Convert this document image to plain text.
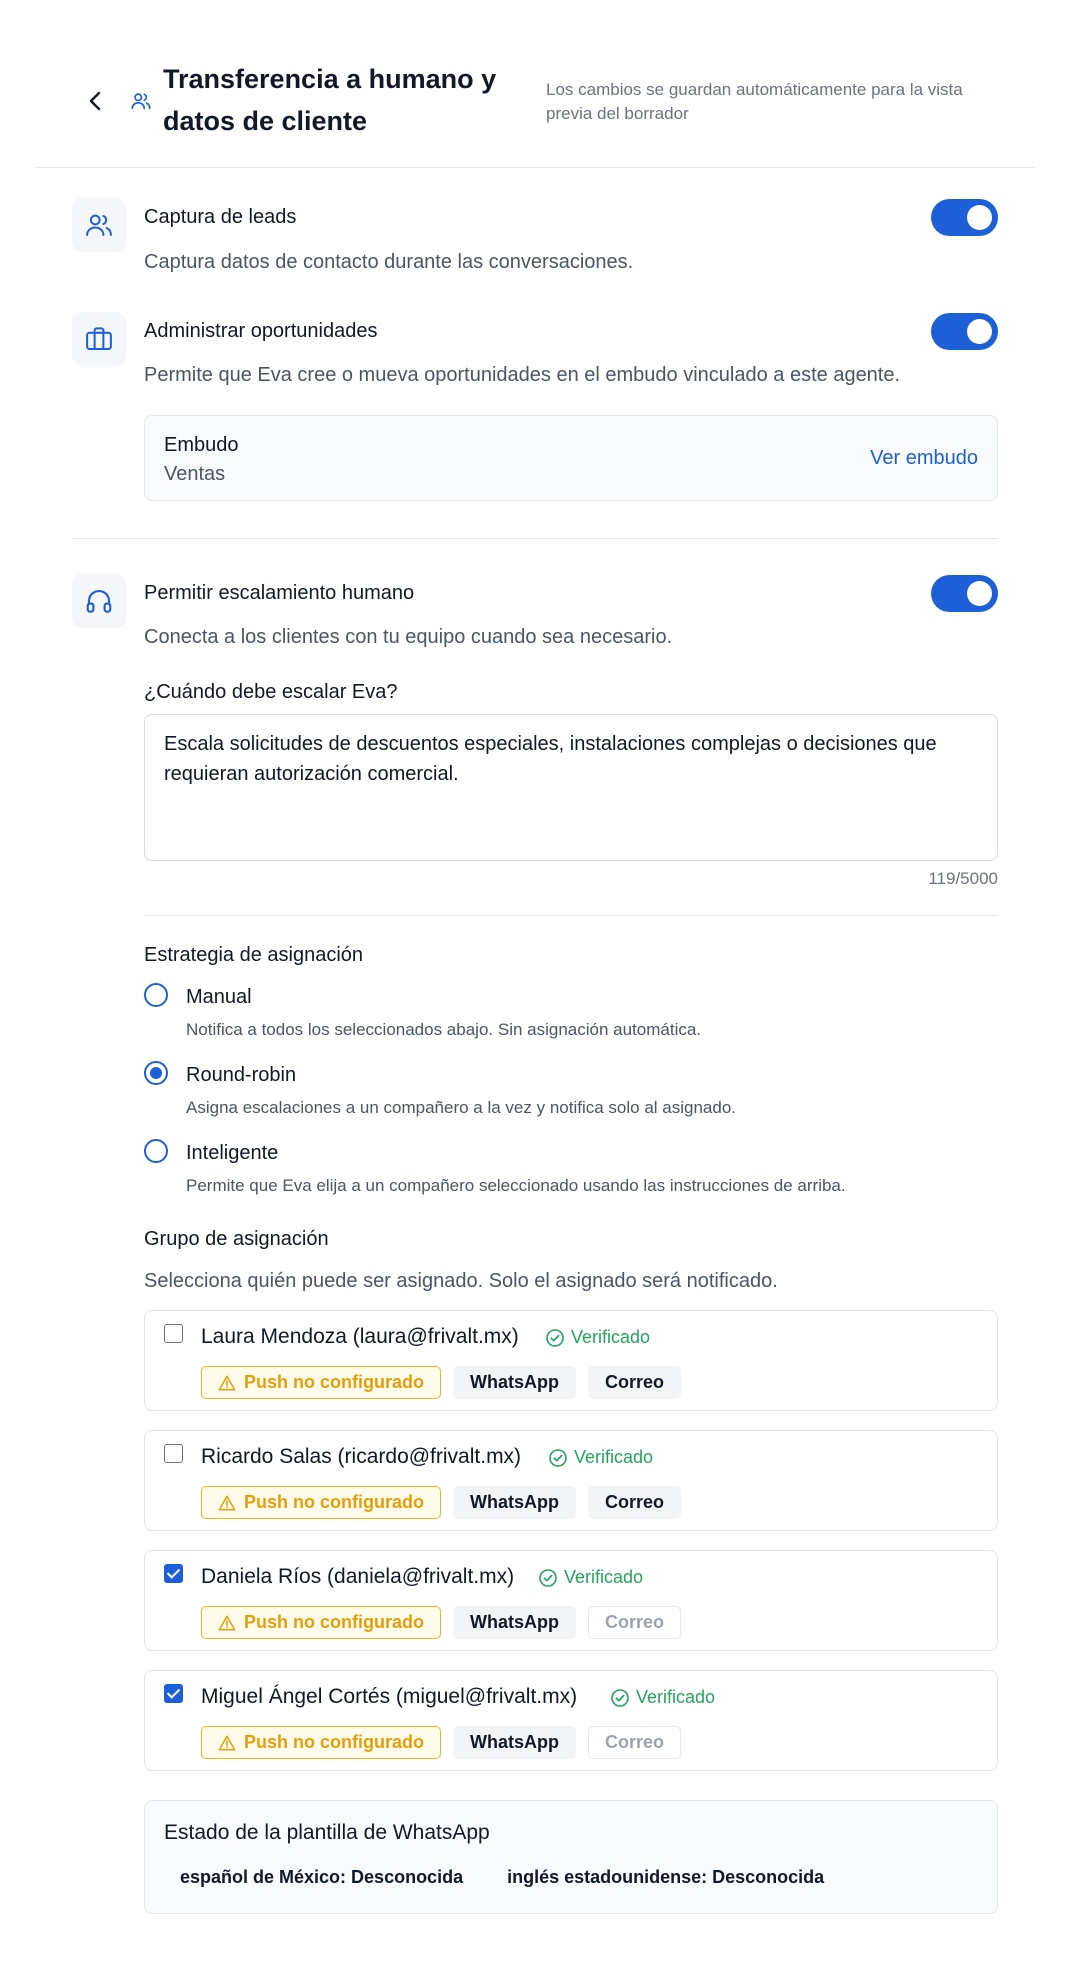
Transferencia a humano y datos de cliente
Los cambios se guardan automáticamente para la vista previa del borrador
Captura de leads
Captura datos de contacto durante las conversaciones.
Administrar oportunidades
Permite que Eva cree o mueva oportunidades en el embudo vinculado a este agente.
Embudo
Ventas
Ver embudo
Permitir escalamiento humano
Conecta a los clientes con tu equipo cuando sea necesario.
¿Cuándo debe escalar Eva?
Escala solicitudes de descuentos especiales, instalaciones complejas o decisiones que requieran autorización comercial.
119/5000
Estrategia de asignación
Manual
Notifica a todos los seleccionados abajo. Sin asignación automática.
Round-robin
Asigna escalaciones a un compañero a la vez y notifica solo al asignado.
Inteligente
Permite que Eva elija a un compañero seleccionado usando las instrucciones de arriba.
Grupo de asignación
Selecciona quién puede ser asignado. Solo el asignado será notificado.
Laura Mendoza (laura@frivalt.mx)	Verificado
Push no configurado	WhatsApp	Correo
Ricardo Salas (ricardo@frivalt.mx)	Verificado
Push no configurado	WhatsApp	Correo
Daniela Ríos (daniela@frivalt.mx)	Verificado
Push no configurado	WhatsApp	Correo
Miguel Ángel Cortés (miguel@frivalt.mx)	Verificado
Push no configurado	WhatsApp	Correo
Estado de la plantilla de WhatsApp
español de México: Desconocida	inglés estadounidense: Desconocida
